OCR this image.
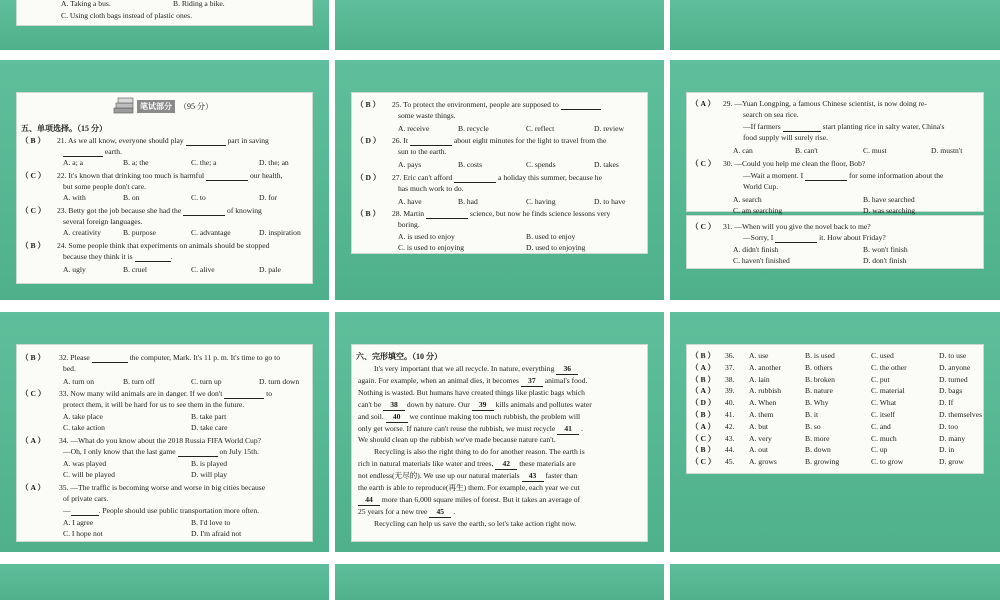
A. Taking a bus.	B. Riding a bike.
C. Using cloth bags instead of plastic ones.
笔试部分 （95 分）
五、单项选择。（15 分）
（ B ） 21. As we all know, everyone should play	part in saving
earth.
A. a; a	B. a; the	C. the; a	D. the; an
（ C ） 22. It's known that drinking too much is harmful	our health,
but some people don't care.
A. with	B. on	C. to	D. for
（ C ） 23. Betty got the job because she had the	of knowing
several foreign languages.
A. creativity	B. purpose	C. advantage	D. inspiration
（ B ） 24. Some people think that experiments on animals should be stopped
because they think it is	.
A. ugly	B. cruel	C. alive	D. pale
（ B ） 25. To protect the environment, people are supposed to
some waste things.
A. receive	B. recycle	C. reflect	D. review
（ D ） 26. It	about eight minutes for the light to travel from the
sun to the earth.
A. pays	B. costs	C. spends	D. takes
（ D ） 27. Eric can't afford	a holiday this summer, because he
has much work to do.
A. have	B. had	C. having	D. to have
（ B ） 28. Martin	science, but now he finds science lessons very
boring.
A. is used to enjoy	B. used to enjoy
C. is used to enjoying	D. used to enjoying
（ A ） 29. —Yuan Longping, a famous Chinese scientist, is now doing re-
search on sea rice.
—If farmers	start planting rice in salty water, China's
food supply will surely rise.
A. can	B. can't	C. must	D. mustn't
（ C ） 30. —Could you help me clean the floor, Bob?
—Wait a moment. I	for some information about the
World Cup.
A. search	B. have searched
C. am searching	D. was searching
（ C ） 31. —When will you give the novel back to me?
—Sorry, I	it. How about Friday?
A. didn't finish	B. won't finish
C. haven't finished	D. don't finish
（ B ） 32. Please	the computer, Mark. It's 11 p. m. It's time to go to
bed.
A. turn on	B. turn off	C. turn up	D. turn down
（ C ） 33. Now many wild animals are in danger. If we don't	to
protect them, it will be hard for us to see them in the future.
A. take place	B. take part
C. take action	D. take care
（ A ） 34. —What do you know about the 2018 Russia FIFA World Cup?
—Oh, I only know that the last game	on July 15th.
A. was played	B. is played
C. will be played	D. will play
（ A ） 35. —The traffic is becoming worse and worse in big cities because
of private cars.
—	. People should use public transportation more often.
A. I agree	B. I'd love to
C. I hope not	D. I'm afraid not
六、完形填空。（10 分）
It's very important that we all recycle. In nature, everything 36
again. For example, when an animal dies, it becomes 37 animal's food.
Nothing is wasted. But humans have created things like plastic bags which
can't be 38 down by nature. Our 39 kills animals and pollutes water
and soil. 40 we continue making too much rubbish, the problem will
only get worse. If nature can't reuse the rubbish, we must recycle 41 .
We should clean up the rubbish we've made because nature can't.
Recycling is also the right thing to do for another reason. The earth is
rich in natural materials like water and trees, 42 these materials are
not endless(无尽的). We use up our natural materials 43 faster than
the earth is able to reproduce(再生) them. For example, each year we cut
44 more than 6,000 square miles of forest. But it takes an average of
25 years for a new tree 45 .
Recycling can help us save the earth, so let's take action right now.
（ B ） 36. A. use	B. is used	C. used	D. to use
（ A ） 37. A. another	B. others	C. the other	D. anyone
（ B ） 38. A. lain	B. broken	C. put	D. turned
（ A ） 39. A. rubbish	B. nature	C. material	D. bags
（ D ） 40. A. When	B. Why	C. What	D. If
（ B ） 41. A. them	B. it	C. itself	D. themselves
（ A ） 42. A. but	B. so	C. and	D. too
（ C ） 43. A. very	B. more	C. much	D. many
（ B ） 44. A. out	B. down	C. up	D. in
（ C ） 45. A. grows	B. growing	C. to grow	D. grow
